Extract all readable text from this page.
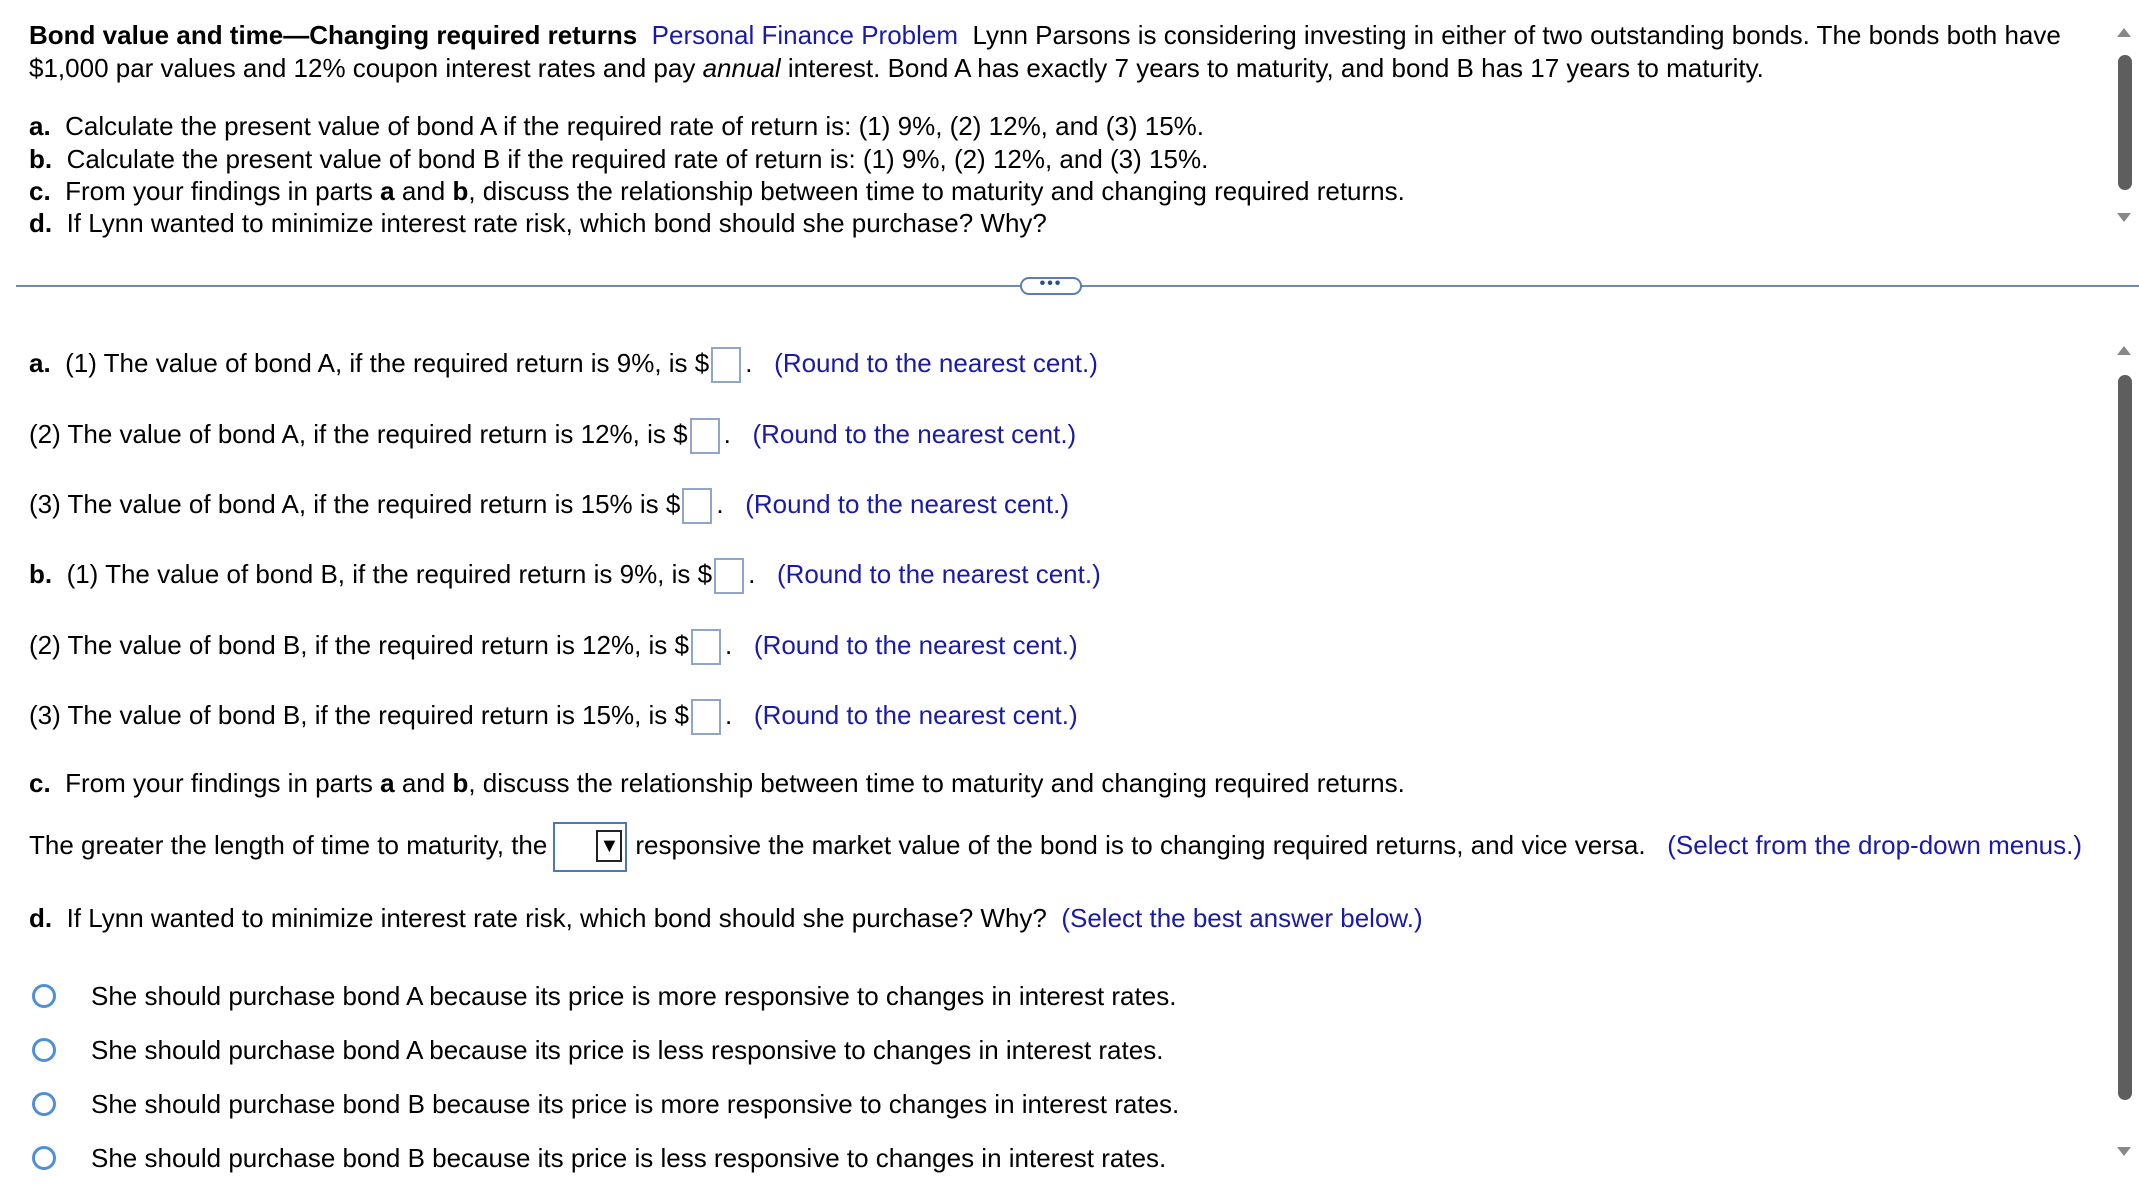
Bond value and time—Changing required returns Personal Finance Problem Lynn Parsons is considering investing in either of two outstanding bonds. The bonds both have
$1,000 par values and 12% coupon interest rates and pay annual interest. Bond A has exactly 7 years to maturity, and bond B has 17 years to maturity.
a. Calculate the present value of bond A if the required rate of return is: (1) 9%, (2) 12%, and (3) 15%.
b. Calculate the present value of bond B if the required rate of return is: (1) 9%, (2) 12%, and (3) 15%.
c. From your findings in parts a and b, discuss the relationship between time to maturity and changing required returns.
d. If Lynn wanted to minimize interest rate risk, which bond should she purchase? Why?
•••
a. (1) The value of bond A, if the required return is 9%, is $ . (Round to the nearest cent.)
(2) The value of bond A, if the required return is 12%, is $ . (Round to the nearest cent.)
(3) The value of bond A, if the required return is 15% is $ . (Round to the nearest cent.)
b. (1) The value of bond B, if the required return is 9%, is $ . (Round to the nearest cent.)
(2) The value of bond B, if the required return is 12%, is $ . (Round to the nearest cent.)
(3) The value of bond B, if the required return is 15%, is $ . (Round to the nearest cent.)
c. From your findings in parts a and b, discuss the relationship between time to maturity and changing required returns.
The greater the length of time to maturity, the	▼ responsive the market value of the bond is to changing required returns, and vice versa. (Select from the drop-down menus.)
d. If Lynn wanted to minimize interest rate risk, which bond should she purchase? Why? (Select the best answer below.)
She should purchase bond A because its price is more responsive to changes in interest rates.
She should purchase bond A because its price is less responsive to changes in interest rates.
She should purchase bond B because its price is more responsive to changes in interest rates.
She should purchase bond B because its price is less responsive to changes in interest rates.
